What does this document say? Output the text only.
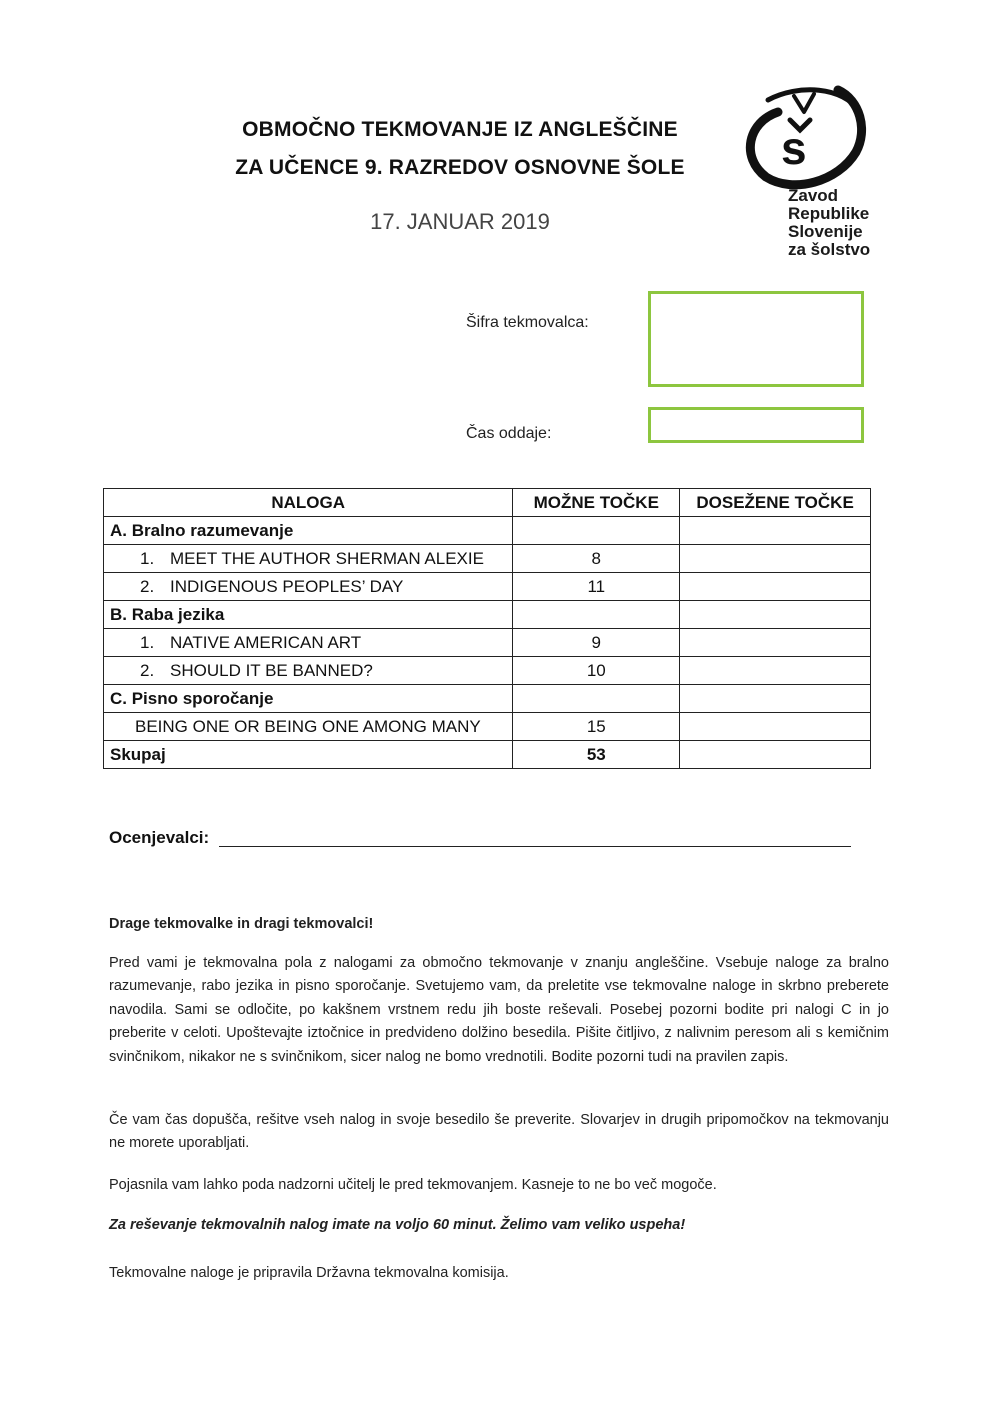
OBMOČNO TEKMOVANJE IZ ANGLEŠČINE
ZA UČENCE 9. RAZREDOV OSNOVNE ŠOLE
17. JANUAR 2019
s
Zavod
Republike
Slovenije
za šolstvo
Šifra tekmovalca:
Čas oddaje:
NALOGA	MOŽNE TOČKE	DOSEŽENE TOČKE
A. Bralno razumevanje		
1. MEET THE AUTHOR SHERMAN ALEXIE	8	
2. INDIGENOUS PEOPLES’ DAY	11	
B. Raba jezika		
1. NATIVE AMERICAN ART	9	
2. SHOULD IT BE BANNED?	10	
C. Pisno sporočanje		
BEING ONE OR BEING ONE AMONG MANY	15	
Skupaj	53	
Ocenjevalci:
Drage tekmovalke in dragi tekmovalci!
Pred vami je tekmovalna pola z nalogami za območno tekmovanje v znanju angleščine. Vsebuje naloge za bralno razumevanje, rabo jezika in pisno sporočanje. Svetujemo vam, da preletite vse tekmovalne naloge in skrbno preberete navodila. Sami se odločite, po kakšnem vrstnem redu jih boste reševali. Posebej pozorni bodite pri nalogi C in jo preberite v celoti. Upoštevajte iztočnice in predvideno dolžino besedila. Pišite čitljivo, z nalivnim peresom ali s kemičnim svinčnikom, nikakor ne s svinčnikom, sicer nalog ne bomo vrednotili. Bodite pozorni tudi na pravilen zapis.
Če vam čas dopušča, rešitve vseh nalog in svoje besedilo še preverite. Slovarjev in drugih pripomočkov na tekmovanju ne morete uporabljati.
Pojasnila vam lahko poda nadzorni učitelj le pred tekmovanjem. Kasneje to ne bo več mogoče.
Za reševanje tekmovalnih nalog imate na voljo 60 minut. Želimo vam veliko uspeha!
Tekmovalne naloge je pripravila Državna tekmovalna komisija.
